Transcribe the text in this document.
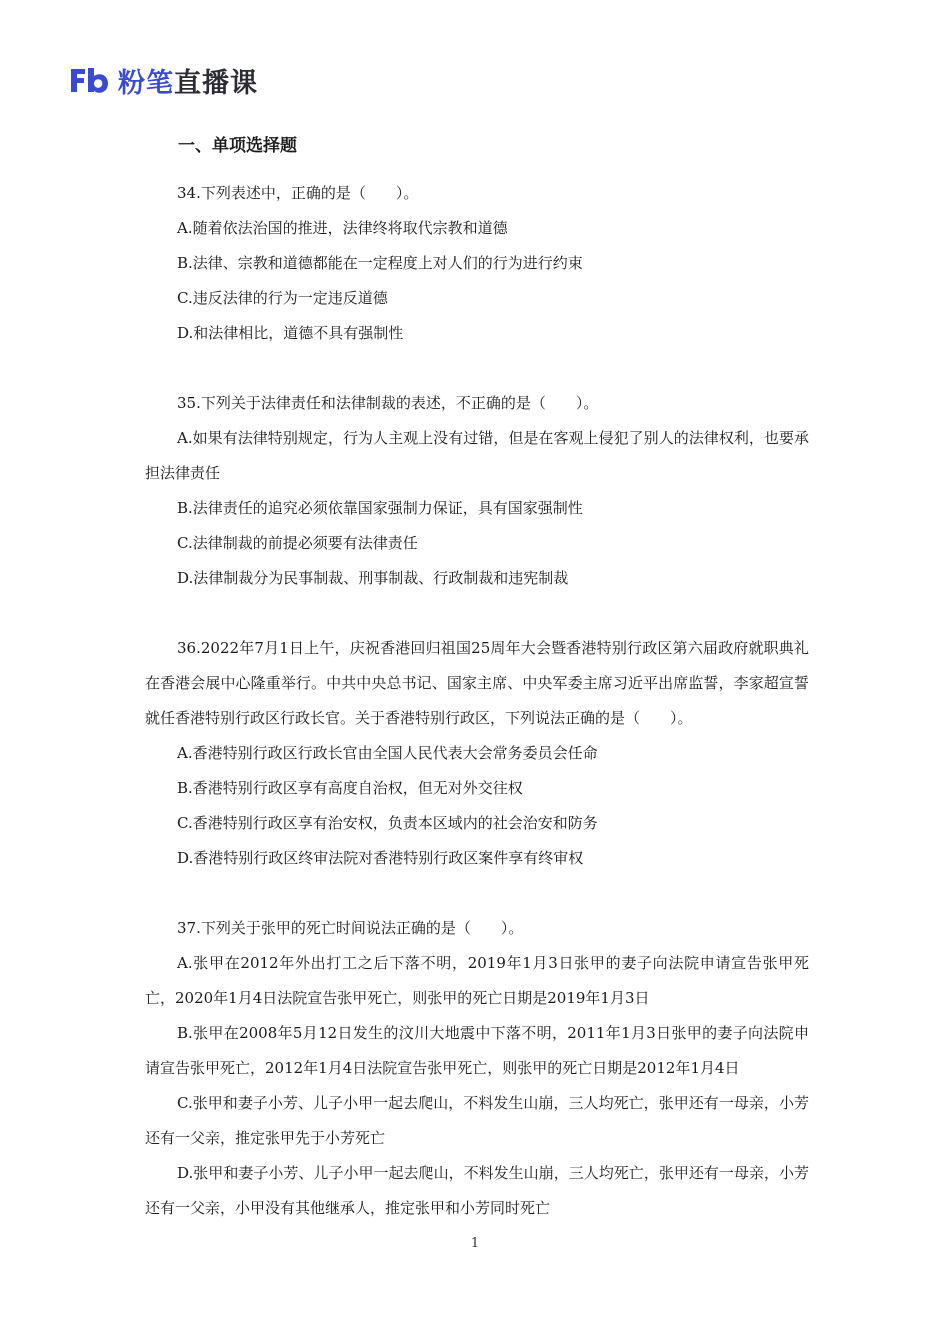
粉笔直播课
一、单项选择题
34.下列表述中，正确的是（　　）。
A.随着依法治国的推进，法律终将取代宗教和道德
B.法律、宗教和道德都能在一定程度上对人们的行为进行约束
C.违反法律的行为一定违反道德
D.和法律相比，道德不具有强制性
35.下列关于法律责任和法律制裁的表述，不正确的是（　　）。
A.如果有法律特别规定，行为人主观上没有过错，但是在客观上侵犯了别人的法律权利，也要承担法律责任
B.法律责任的追究必须依靠国家强制力保证，具有国家强制性
C.法律制裁的前提必须要有法律责任
D.法律制裁分为民事制裁、刑事制裁、行政制裁和违宪制裁
36.2022年7月1日上午，庆祝香港回归祖国25周年大会暨香港特别行政区第六届政府就职典礼在香港会展中心隆重举行。中共中央总书记、国家主席、中央军委主席习近平出席监誓，李家超宣誓就任香港特别行政区行政长官。关于香港特别行政区，下列说法正确的是（　　）。
A.香港特别行政区行政长官由全国人民代表大会常务委员会任命
B.香港特别行政区享有高度自治权，但无对外交往权
C.香港特别行政区享有治安权，负责本区域内的社会治安和防务
D.香港特别行政区终审法院对香港特别行政区案件享有终审权
37.下列关于张甲的死亡时间说法正确的是（　　）。
A.张甲在2012年外出打工之后下落不明，2019年1月3日张甲的妻子向法院申请宣告张甲死亡，2020年1月4日法院宣告张甲死亡，则张甲的死亡日期是2019年1月3日
B.张甲在2008年5月12日发生的汶川大地震中下落不明，2011年1月3日张甲的妻子向法院申请宣告张甲死亡，2012年1月4日法院宣告张甲死亡，则张甲的死亡日期是2012年1月4日
C.张甲和妻子小芳、儿子小甲一起去爬山，不料发生山崩，三人均死亡，张甲还有一母亲，小芳还有一父亲，推定张甲先于小芳死亡
D.张甲和妻子小芳、儿子小甲一起去爬山，不料发生山崩，三人均死亡，张甲还有一母亲，小芳还有一父亲，小甲没有其他继承人，推定张甲和小芳同时死亡
1
